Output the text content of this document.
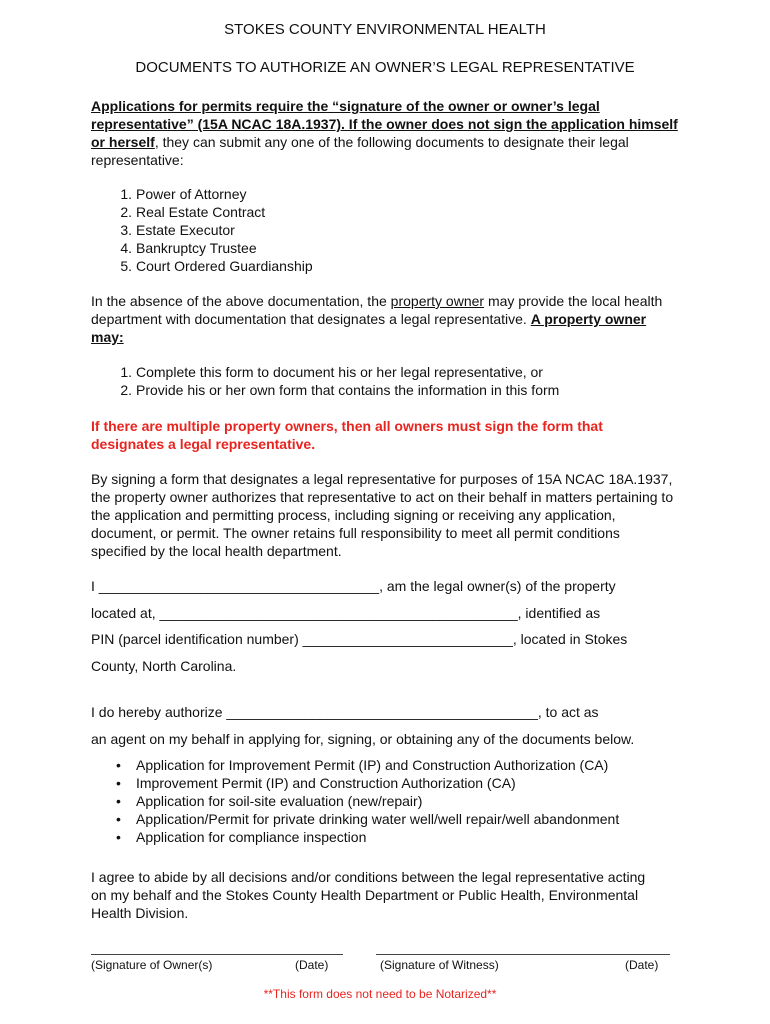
STOKES COUNTY ENVIRONMENTAL HEALTH
DOCUMENTS TO AUTHORIZE AN OWNER’S LEGAL REPRESENTATIVE
Applications for permits require the “signature of the owner or owner’s legal representative” (15A NCAC 18A.1937). If the owner does not sign the application himself or herself, they can submit any one of the following documents to designate their legal representative:
1. Power of Attorney
2. Real Estate Contract
3. Estate Executor
4. Bankruptcy Trustee
5. Court Ordered Guardianship
In the absence of the above documentation, the property owner may provide the local health department with documentation that designates a legal representative. A property owner may:
1. Complete this form to document his or her legal representative, or
2. Provide his or her own form that contains the information in this form
If there are multiple property owners, then all owners must sign the form that designates a legal representative.
By signing a form that designates a legal representative for purposes of 15A NCAC 18A.1937, the property owner authorizes that representative to act on their behalf in matters pertaining to the application and permitting process, including signing or receiving any application, document, or permit. The owner retains full responsibility to meet all permit conditions specified by the local health department.
I ____________________________________, am the legal owner(s) of the property
located at, ______________________________________________, identified as
PIN (parcel identification number) ___________________________, located in Stokes
County, North Carolina.
I do hereby authorize ________________________________________, to act as
an agent on my behalf in applying for, signing, or obtaining any of the documents below.
• Application for Improvement Permit (IP) and Construction Authorization (CA)
• Improvement Permit (IP) and Construction Authorization (CA)
• Application for soil-site evaluation (new/repair)
• Application/Permit for private drinking water well/well repair/well abandonment
• Application for compliance inspection
I agree to abide by all decisions and/or conditions between the legal representative acting on my behalf and the Stokes County Health Department or Public Health, Environmental Health Division.
(Signature of Owner(s)	(Date)	(Signature of Witness)	(Date)
**This form does not need to be Notarized**
